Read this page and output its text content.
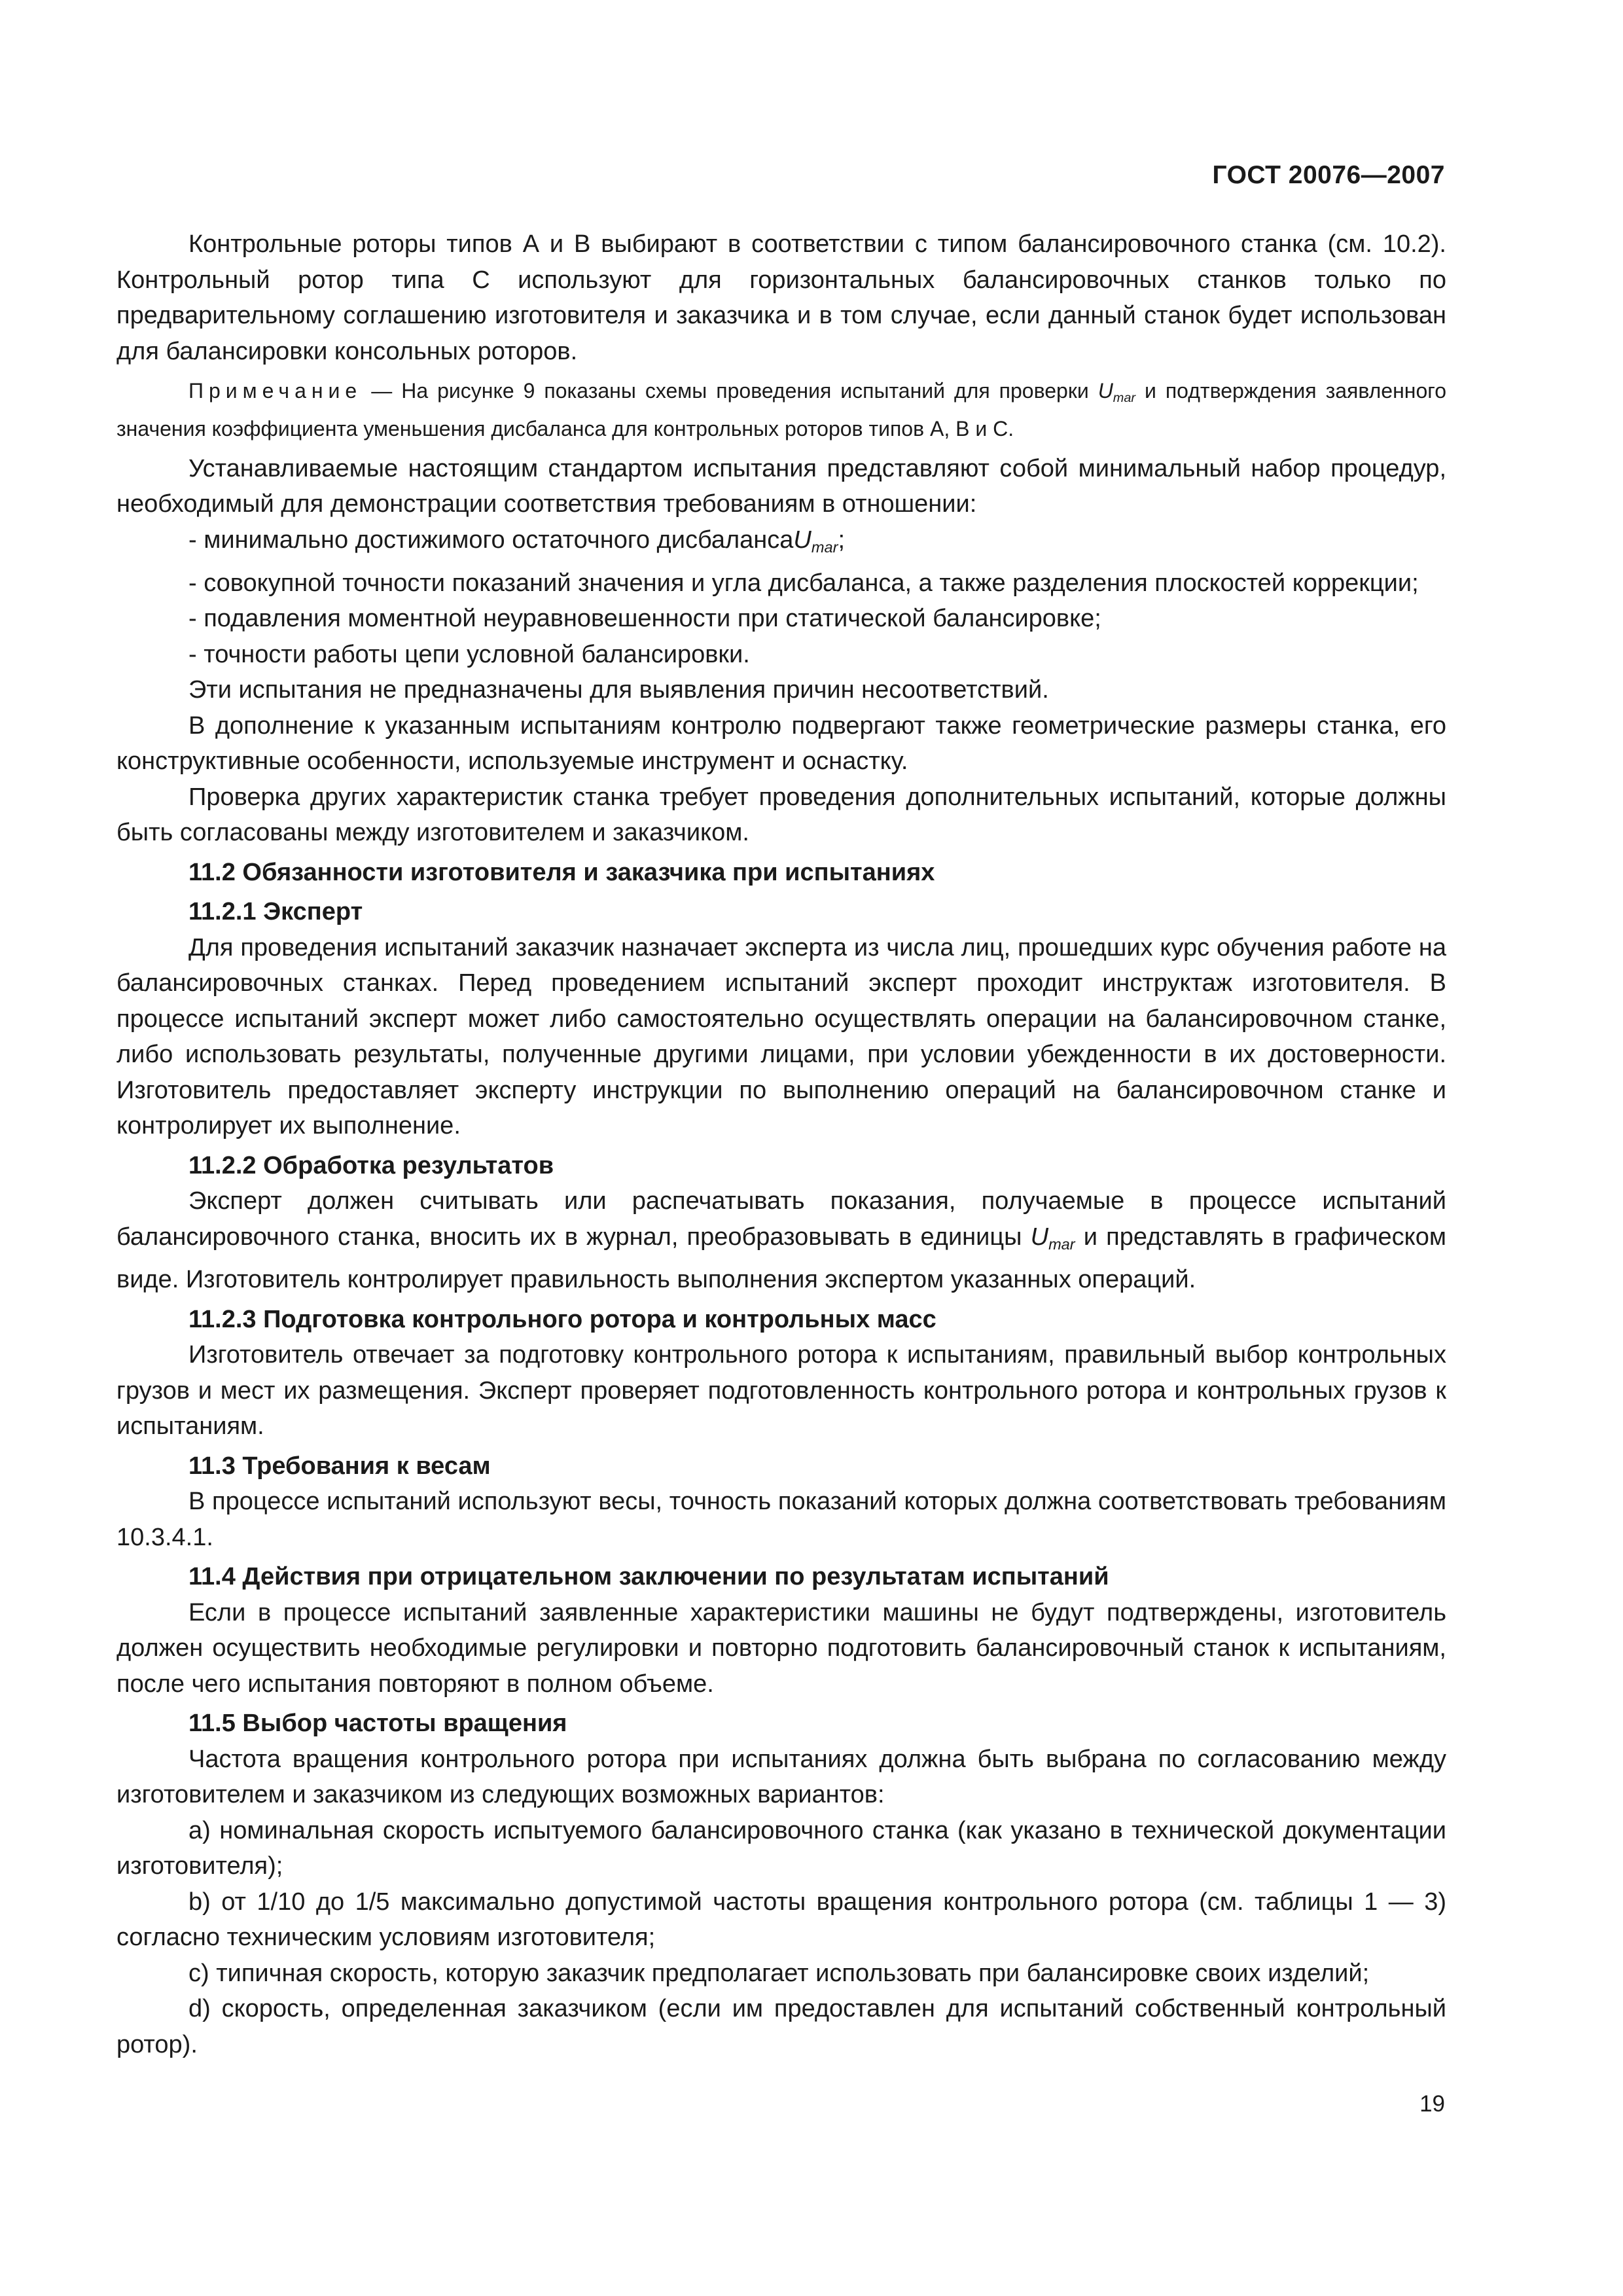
ГОСТ 20076—2007

Контрольные роторы типов А и В выбирают в соответствии с типом балансировочного станка (см. 10.2). Контрольный ротор типа С используют для горизонтальных балансировочных станков только по предварительному соглашению изготовителя и заказчика и в том случае, если данный станок будет использован для балансировки консольных роторов.

Примечание — На рисунке 9 показаны схемы проведения испытаний для проверки $U_{mar}$ и подтверждения заявленного значения коэффициента уменьшения дисбаланса для контрольных роторов типов А, В и С.

Устанавливаемые настоящим стандартом испытания представляют собой минимальный набор процедур, необходимый для демонстрации соответствия требованиям в отношении:

- минимально достижимого остаточного дисбалансаU$_{mar}$;

- совокупной точности показаний значения и угла дисбаланса, а также разделения плоскостей коррекции;

- подавления моментной неуравновешенности при статической балансировке;

- точности работы цепи условной балансировки.

Эти испытания не предназначены для выявления причин несоответствий.

В дополнение к указанным испытаниям контролю подвергают также геометрические размеры станка, его конструктивные особенности, используемые инструмент и оснастку.

Проверка других характеристик станка требует проведения дополнительных испытаний, которые должны быть согласованы между изготовителем и заказчиком.

11.2 Обязанности изготовителя и заказчика при испытаниях

11.2.1 Эксперт

Для проведения испытаний заказчик назначает эксперта из числа лиц, прошедших курс обучения работе на балансировочных станках. Перед проведением испытаний эксперт проходит инструктаж изготовителя. В процессе испытаний эксперт может либо самостоятельно осуществлять операции на балансировочном станке, либо использовать результаты, полученные другими лицами, при условии убежденности в их достоверности. Изготовитель предоставляет эксперту инструкции по выполнению операций на балансировочном станке и контролирует их выполнение.

11.2.2 Обработка результатов

Эксперт должен считывать или распечатывать показания, получаемые в процессе испытаний балансировочного станка, вносить их в журнал, преобразовывать в единицы $U_{mar}$ и представлять в графическом виде. Изготовитель контролирует правильность выполнения экспертом указанных операций.

11.2.3 Подготовка контрольного ротора и контрольных масс

Изготовитель отвечает за подготовку контрольного ротора к испытаниям, правильный выбор контрольных грузов и мест их размещения. Эксперт проверяет подготовленность контрольного ротора и контрольных грузов к испытаниям.

11.3 Требования к весам

В процессе испытаний используют весы, точность показаний которых должна соответствовать требованиям 10.3.4.1.

11.4 Действия при отрицательном заключении по результатам испытаний

Если в процессе испытаний заявленные характеристики машины не будут подтверждены, изготовитель должен осуществить необходимые регулировки и повторно подготовить балансировочный станок к испытаниям, после чего испытания повторяют в полном объеме.

11.5 Выбор частоты вращения

Частота вращения контрольного ротора при испытаниях должна быть выбрана по согласованию между изготовителем и заказчиком из следующих возможных вариантов:

а) номинальная скорость испытуемого балансировочного станка (как указано в технической документации изготовителя);

b) от 1/10 до 1/5 максимально допустимой частоты вращения контрольного ротора (см. таблицы 1 — 3) согласно техническим условиям изготовителя;

c) типичная скорость, которую заказчик предполагает использовать при балансировке своих изделий;

d) скорость, определенная заказчиком (если им предоставлен для испытаний собственный контрольный ротор).

19
